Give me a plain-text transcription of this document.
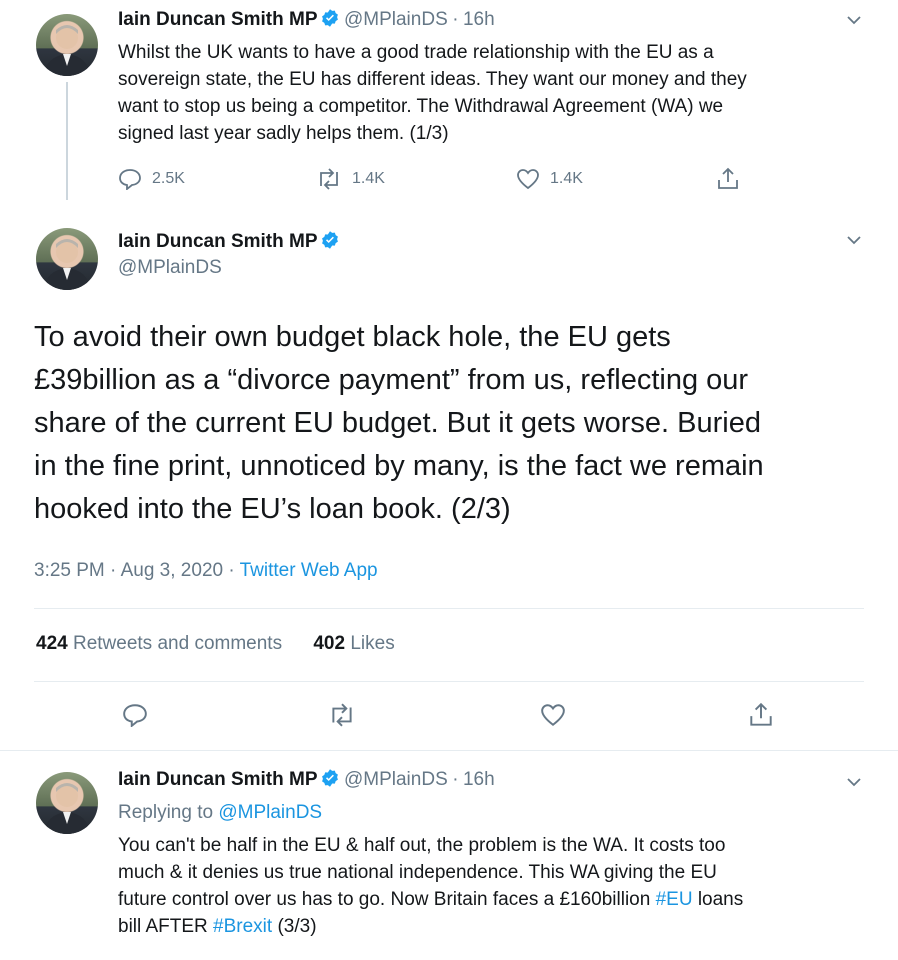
Iain Duncan Smith MP @MPlainDS · 16h
Whilst the UK wants to have a good trade relationship with the EU as a
sovereign state, the EU has different ideas. They want our money and they
want to stop us being a competitor. The Withdrawal Agreement (WA) we
signed last year sadly helps them. (1/3)
2.5K	1.4K	1.4K
Iain Duncan Smith MP
@MPlainDS
To avoid their own budget black hole, the EU gets
£39billion as a “divorce payment” from us, reflecting our
share of the current EU budget. But it gets worse. Buried
in the fine print, unnoticed by many, is the fact we remain
hooked into the EU’s loan book. (2/3)
3:25 PM · Aug 3, 2020 · Twitter Web App
424 Retweets and comments 402 Likes
Iain Duncan Smith MP @MPlainDS · 16h
Replying to @MPlainDS
You can't be half in the EU & half out, the problem is the WA. It costs too
much & it denies us true national independence. This WA giving the EU
future control over us has to go. Now Britain faces a £160billion #EU loans
bill AFTER #Brexit (3/3)
